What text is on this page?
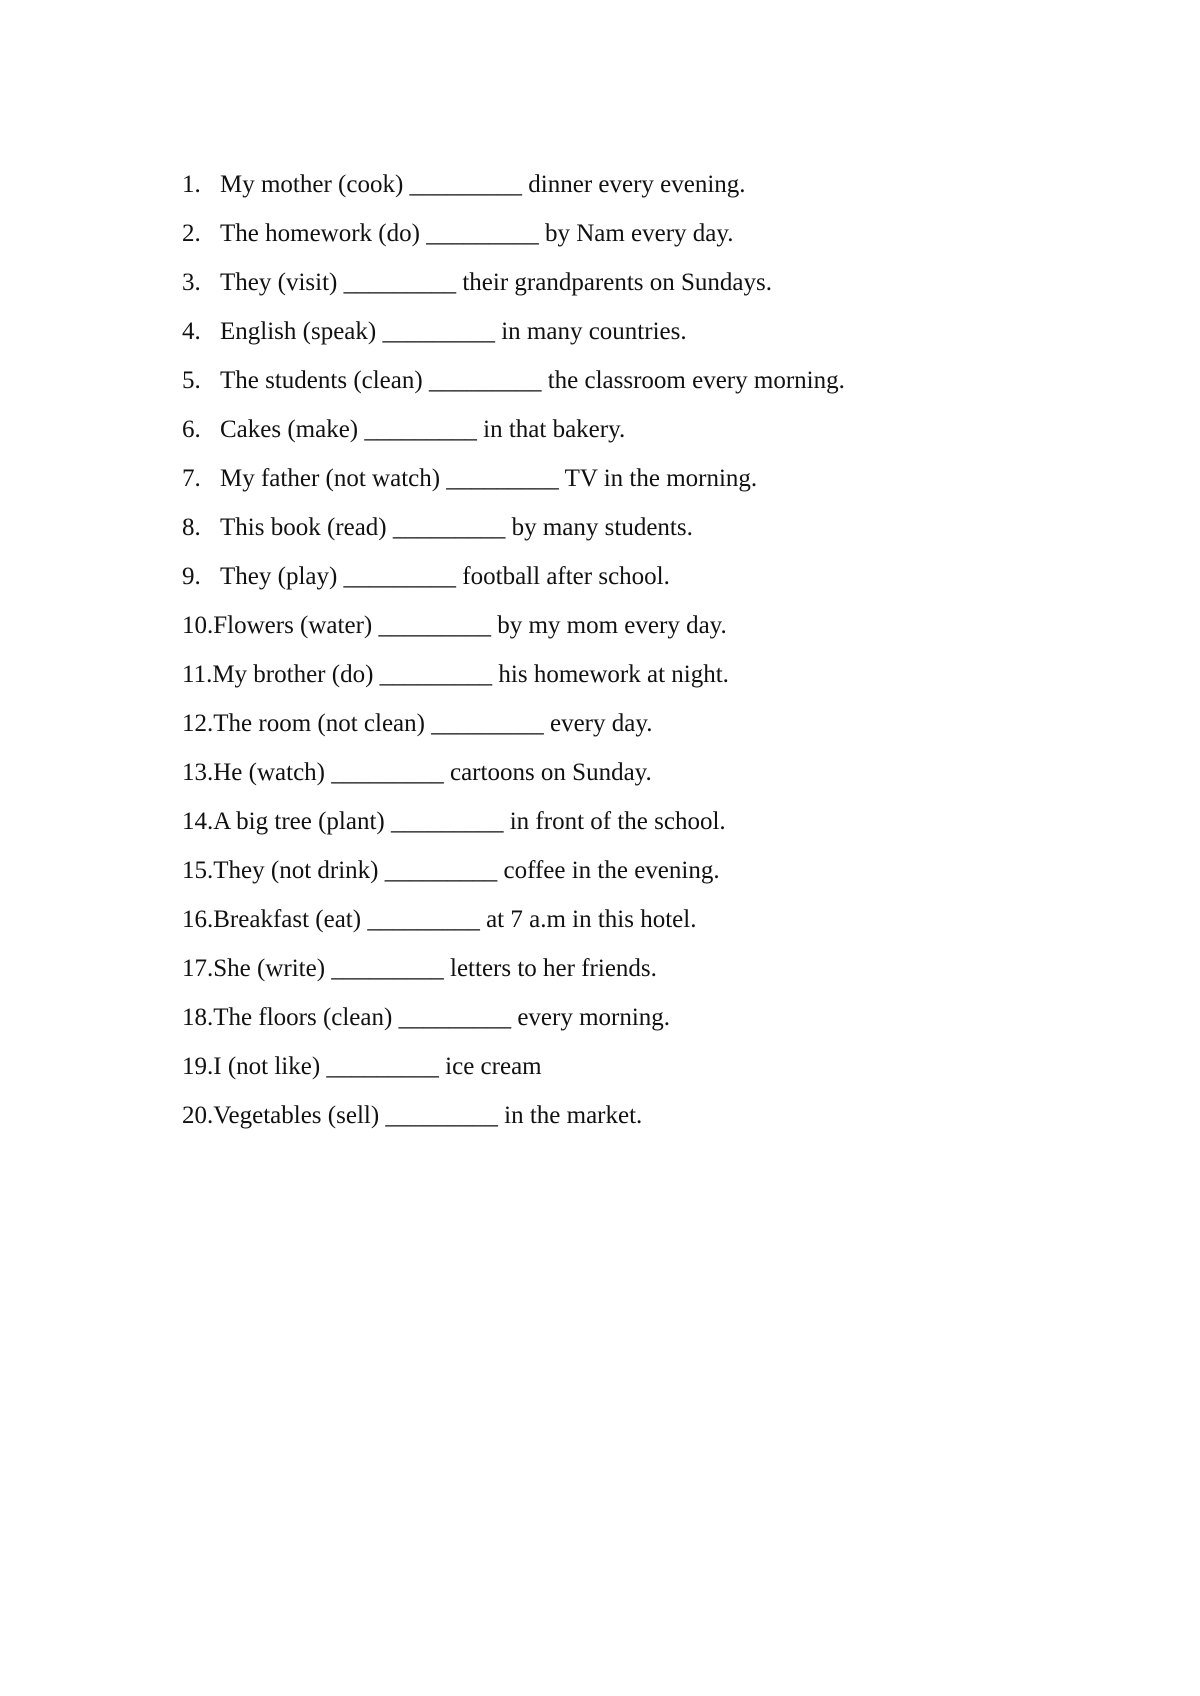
1. My mother (cook) _________ dinner every evening.
2. The homework (do) _________ by Nam every day.
3. They (visit) _________ their grandparents on Sundays.
4. English (speak) _________ in many countries.
5. The students (clean) _________ the classroom every morning.
6. Cakes (make) _________ in that bakery.
7. My father (not watch) _________ TV in the morning.
8. This book (read) _________ by many students.
9. They (play) _________ football after school.
10. Flowers (water) _________ by my mom every day.
11. My brother (do) _________ his homework at night.
12. The room (not clean) _________ every day.
13. He (watch) _________ cartoons on Sunday.
14. A big tree (plant) _________ in front of the school.
15. They (not drink) _________ coffee in the evening.
16. Breakfast (eat) _________ at 7 a.m in this hotel.
17. She (write) _________ letters to her friends.
18. The floors (clean) _________ every morning.
19. I (not like) _________ ice cream
20. Vegetables (sell) _________ in the market.
